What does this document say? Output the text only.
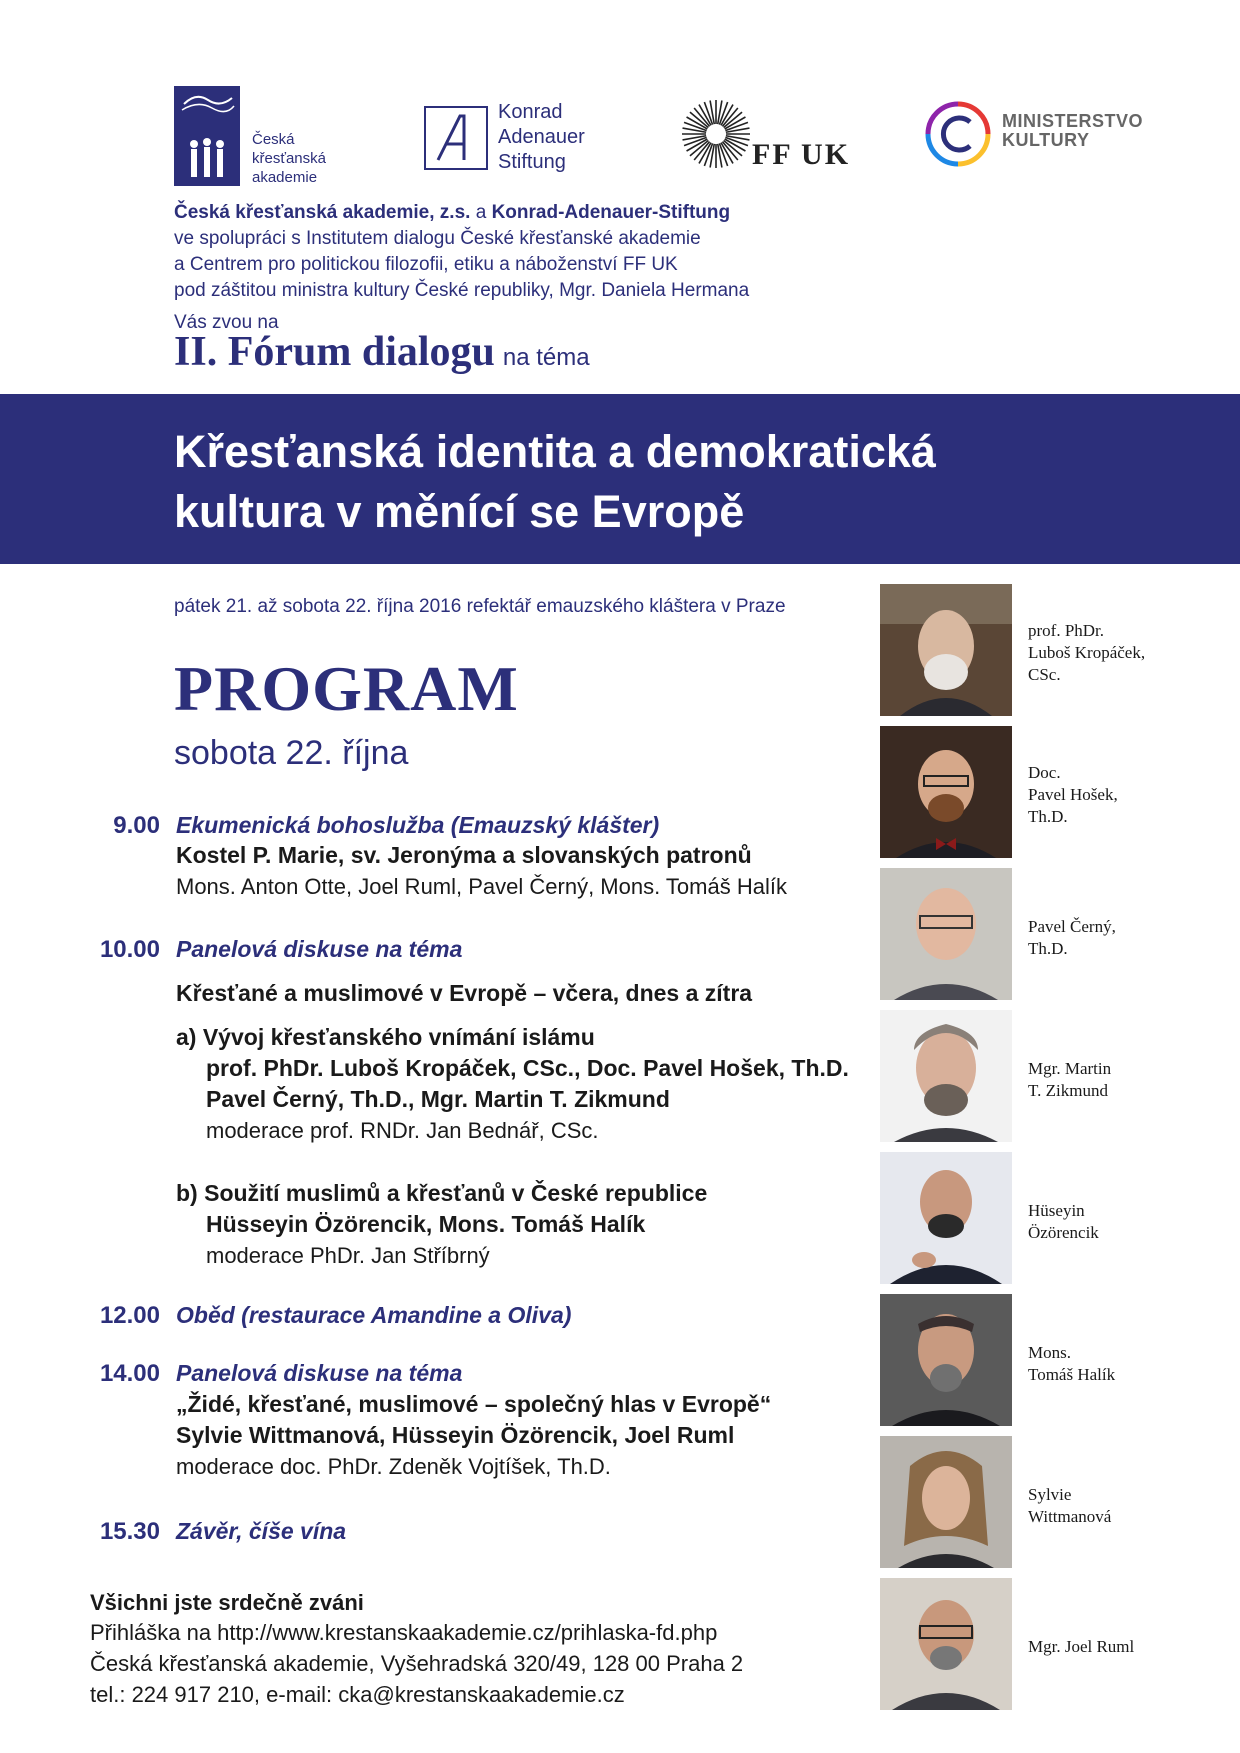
Česká
křesťanská
akademie
Konrad
Adenauer
Stiftung	FF UK
MINISTERSTVO
KULTURY
Česká křesťanská akademie, z.s. a Konrad-Adenauer-Stiftung
ve spolupráci s Institutem dialogu České křesťanské akademie
a Centrem pro politickou filozofii, etiku a náboženství FF UK
pod záštitou ministra kultury České republiky, Mgr. Daniela Hermana
Vás zvou na
II. Fórum dialogu na téma
Křesťanská identita a demokratická
kultura v měnící se Evropě
pátek 21. až sobota 22. října 2016 refektář emauzského kláštera v Praze
PROGRAM
sobota 22. října
9.00 Ekumenická bohoslužba (Emauzský klášter)
Kostel P. Marie, sv. Jeronýma a slovanských patronů
Mons. Anton Otte, Joel Ruml, Pavel Černý, Mons. Tomáš Halík
10.00 Panelová diskuse na téma
Křesťané a muslimové v Evropě – včera, dnes a zítra
a) Vývoj křesťanského vnímání islámu
prof. PhDr. Luboš Kropáček, CSc., Doc. Pavel Hošek, Th.D.
Pavel Černý, Th.D., Mgr. Martin T. Zikmund
moderace prof. RNDr. Jan Bednář, CSc.
b) Soužití muslimů a křesťanů v České republice
Hüsseyin Özörencik, Mons. Tomáš Halík
moderace PhDr. Jan Stříbrný
12.00 Oběd (restaurace Amandine a Oliva)
14.00 Panelová diskuse na téma
„Židé, křesťané, muslimové – společný hlas v Evropě“
Sylvie Wittmanová, Hüsseyin Özörencik, Joel Ruml
moderace doc. PhDr. Zdeněk Vojtíšek, Th.D.
15.30 Závěr, číše vína
Všichni jste srdečně zváni
Přihláška na http://www.krestanskaakademie.cz/prihlaska-fd.php
Česká křesťanská akademie, Vyšehradská 320/49, 128 00 Praha 2
tel.: 224 917 210, e-mail: cka@krestanskaakademie.cz
prof. PhDr.
Luboš Kropáček,
CSc.
Doc.
Pavel Hošek,
Th.D.
Pavel Černý,
Th.D.
Mgr. Martin
T. Zikmund
Hüseyin
Özörencik
Mons.
Tomáš Halík
Sylvie
Wittmanová
Mgr. Joel Ruml
